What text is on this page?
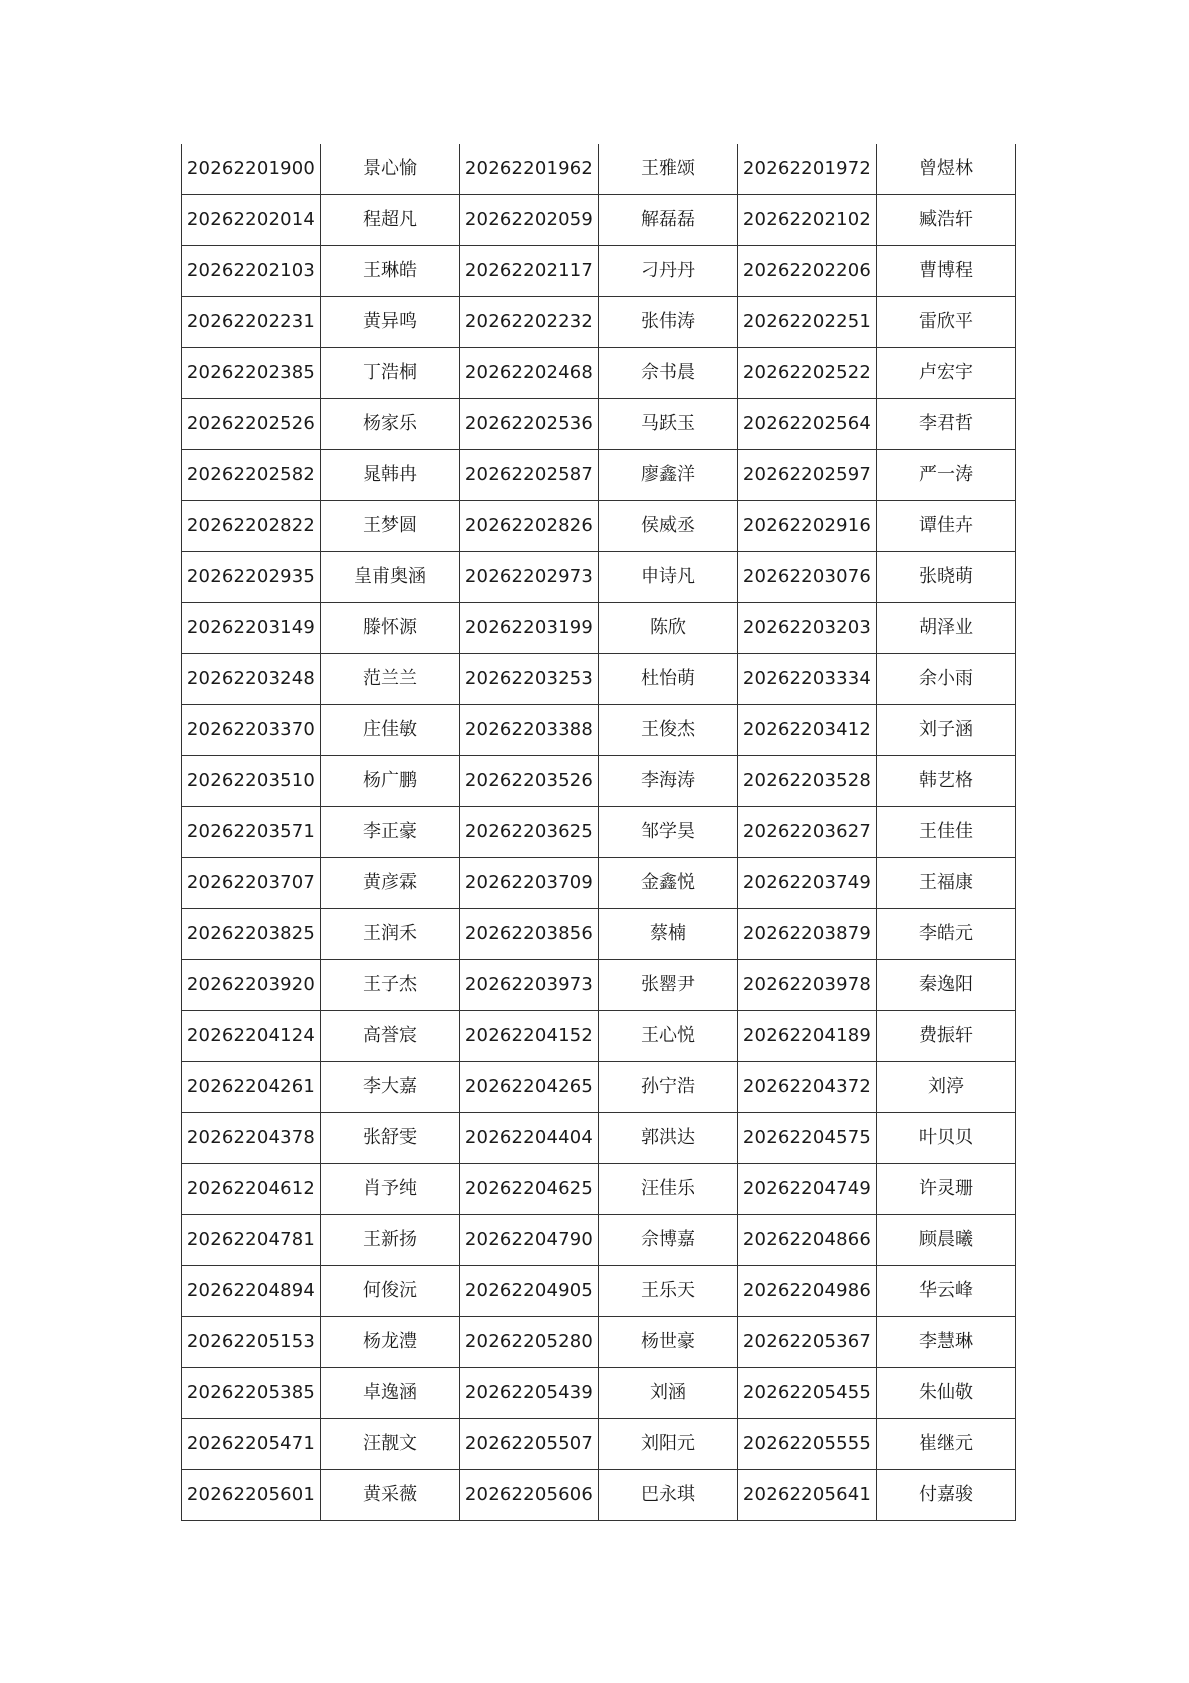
20262201900	景心愉	20262201962	王雅颂	20262201972	曾煜林
20262202014	程超凡	20262202059	解磊磊	20262202102	臧浩轩
20262202103	王琳皓	20262202117	刁丹丹	20262202206	曹博程
20262202231	黄异鸣	20262202232	张伟涛	20262202251	雷欣平
20262202385	丁浩桐	20262202468	佘书晨	20262202522	卢宏宇
20262202526	杨家乐	20262202536	马跃玉	20262202564	李君哲
20262202582	晁韩冉	20262202587	廖鑫洋	20262202597	严一涛
20262202822	王梦圆	20262202826	侯威丞	20262202916	谭佳卉
20262202935	皇甫奥涵	20262202973	申诗凡	20262203076	张晓萌
20262203149	滕怀源	20262203199	陈欣	20262203203	胡泽业
20262203248	范兰兰	20262203253	杜怡萌	20262203334	余小雨
20262203370	庄佳敏	20262203388	王俊杰	20262203412	刘子涵
20262203510	杨广鹏	20262203526	李海涛	20262203528	韩艺格
20262203571	李正豪	20262203625	邹学昊	20262203627	王佳佳
20262203707	黄彦霖	20262203709	金鑫悦	20262203749	王福康
20262203825	王润禾	20262203856	蔡楠	20262203879	李皓元
20262203920	王子杰	20262203973	张罂尹	20262203978	秦逸阳
20262204124	高誉宸	20262204152	王心悦	20262204189	费振轩
20262204261	李大嘉	20262204265	孙宁浩	20262204372	刘渟
20262204378	张舒雯	20262204404	郭洪达	20262204575	叶贝贝
20262204612	肖予纯	20262204625	汪佳乐	20262204749	许灵珊
20262204781	王新扬	20262204790	佘博嘉	20262204866	顾晨曦
20262204894	何俊沅	20262204905	王乐天	20262204986	华云峰
20262205153	杨龙澧	20262205280	杨世豪	20262205367	李慧琳
20262205385	卓逸涵	20262205439	刘涵	20262205455	朱仙敬
20262205471	汪靓文	20262205507	刘阳元	20262205555	崔继元
20262205601	黄采薇	20262205606	巴永琪	20262205641	付嘉骏
